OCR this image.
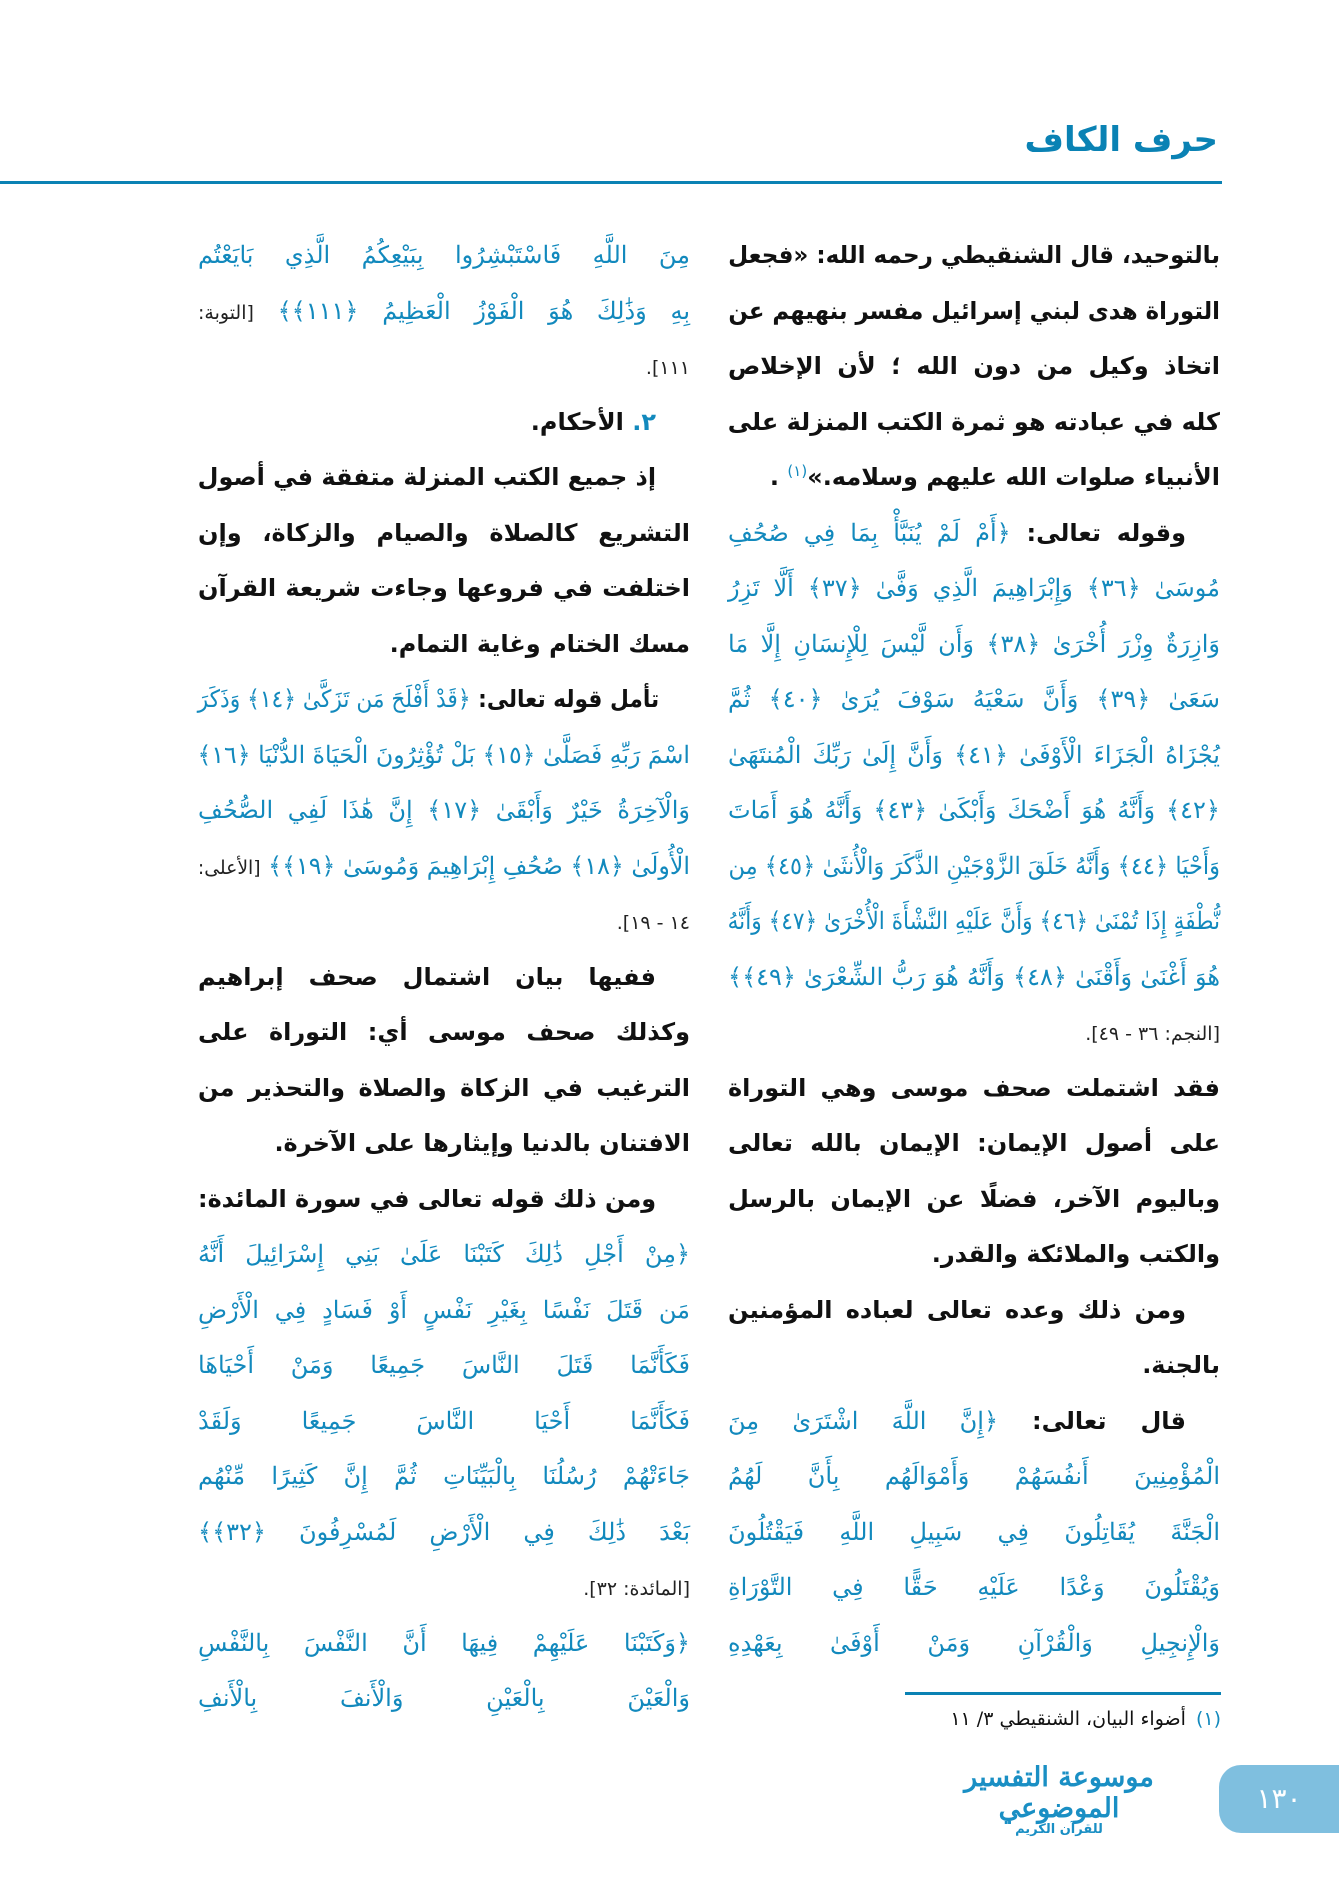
حرف الكاف
بالتوحيد، قال الشنقيطي رحمه الله: «فجعل
التوراة هدى لبني إسرائيل مفسر بنهيهم عن
اتخاذ وكيل من دون الله ؛ لأن الإخلاص
كله في عبادته هو ثمرة الكتب المنزلة على
الأنبياء صلوات الله عليهم وسلامه.»$^{(١)}$ .
وقوله تعالى: ﴿أَمْ لَمْ يُنَبَّأْ بِمَا فِي صُحُفِ
مُوسَىٰ ﴿٣٦﴾ وَإِبْرَاهِيمَ الَّذِي وَفَّىٰ ﴿٣٧﴾ أَلَّا تَزِرُ
وَازِرَةٌ وِزْرَ أُخْرَىٰ ﴿٣٨﴾ وَأَن لَّيْسَ لِلْإِنسَانِ إِلَّا مَا
سَعَىٰ ﴿٣٩﴾ وَأَنَّ سَعْيَهُ سَوْفَ يُرَىٰ ﴿٤٠﴾ ثُمَّ
يُجْزَاهُ الْجَزَاءَ الْأَوْفَىٰ ﴿٤١﴾ وَأَنَّ إِلَىٰ رَبِّكَ الْمُنتَهَىٰ
﴿٤٢﴾ وَأَنَّهُ هُوَ أَضْحَكَ وَأَبْكَىٰ ﴿٤٣﴾ وَأَنَّهُ هُوَ أَمَاتَ
وَأَحْيَا ﴿٤٤﴾ وَأَنَّهُ خَلَقَ الزَّوْجَيْنِ الذَّكَرَ وَالْأُنثَىٰ ﴿٤٥﴾ مِن
نُّطْفَةٍ إِذَا تُمْنَىٰ ﴿٤٦﴾ وَأَنَّ عَلَيْهِ النَّشْأَةَ الْأُخْرَىٰ ﴿٤٧﴾ وَأَنَّهُ
هُوَ أَغْنَىٰ وَأَقْنَىٰ ﴿٤٨﴾ وَأَنَّهُ هُوَ رَبُّ الشِّعْرَىٰ ﴿٤٩﴾﴾
[النجم: ٣٦ - ٤٩].
فقد اشتملت صحف موسى وهي التوراة
على أصول الإيمان: الإيمان بالله تعالى
وباليوم الآخر، فضلًا عن الإيمان بالرسل
والكتب والملائكة والقدر.
ومن ذلك وعده تعالى لعباده المؤمنين
بالجنة.
قال تعالى: ﴿إِنَّ اللَّهَ اشْتَرَىٰ مِنَ
الْمُؤْمِنِينَ أَنفُسَهُمْ وَأَمْوَالَهُم بِأَنَّ لَهُمُ
الْجَنَّةَ يُقَاتِلُونَ فِي سَبِيلِ اللَّهِ فَيَقْتُلُونَ
وَيُقْتَلُونَ وَعْدًا عَلَيْهِ حَقًّا فِي التَّوْرَاةِ
وَالْإِنجِيلِ وَالْقُرْآنِ وَمَنْ أَوْفَىٰ بِعَهْدِهِ
مِنَ اللَّهِ فَاسْتَبْشِرُوا بِبَيْعِكُمُ الَّذِي بَايَعْتُم
بِهِ وَذَٰلِكَ هُوَ الْفَوْزُ الْعَظِيمُ ﴿١١١﴾﴾ [التوبة:
١١١].
٢. الأحكام.
إذ جميع الكتب المنزلة متفقة في أصول
التشريع كالصلاة والصيام والزكاة، وإن
اختلفت في فروعها وجاءت شريعة القرآن
مسك الختام وغاية التمام.
تأمل قوله تعالى: ﴿قَدْ أَفْلَحَ مَن تَزَكَّىٰ ﴿١٤﴾ وَذَكَرَ
اسْمَ رَبِّهِ فَصَلَّىٰ ﴿١٥﴾ بَلْ تُؤْثِرُونَ الْحَيَاةَ الدُّنْيَا ﴿١٦﴾
وَالْآخِرَةُ خَيْرٌ وَأَبْقَىٰ ﴿١٧﴾ إِنَّ هَٰذَا لَفِي الصُّحُفِ
الْأُولَىٰ ﴿١٨﴾ صُحُفِ إِبْرَاهِيمَ وَمُوسَىٰ ﴿١٩﴾﴾ [الأعلى:
١٤ - ١٩].
ففيها بيان اشتمال صحف إبراهيم
وكذلك صحف موسى أي: التوراة على
الترغيب في الزكاة والصلاة والتحذير من
الافتنان بالدنيا وإيثارها على الآخرة.
ومن ذلك قوله تعالى في سورة المائدة:
﴿مِنْ أَجْلِ ذَٰلِكَ كَتَبْنَا عَلَىٰ بَنِي إِسْرَائِيلَ أَنَّهُ
مَن قَتَلَ نَفْسًا بِغَيْرِ نَفْسٍ أَوْ فَسَادٍ فِي الْأَرْضِ
فَكَأَنَّمَا قَتَلَ النَّاسَ جَمِيعًا وَمَنْ أَحْيَاهَا
فَكَأَنَّمَا أَحْيَا النَّاسَ جَمِيعًا وَلَقَدْ
جَاءَتْهُمْ رُسُلُنَا بِالْبَيِّنَاتِ ثُمَّ إِنَّ كَثِيرًا مِّنْهُم
بَعْدَ ذَٰلِكَ فِي الْأَرْضِ لَمُسْرِفُونَ ﴿٣٢﴾﴾
[المائدة: ٣٢].
﴿وَكَتَبْنَا عَلَيْهِمْ فِيهَا أَنَّ النَّفْسَ بِالنَّفْسِ
وَالْعَيْنَ بِالْعَيْنِ وَالْأَنفَ بِالْأَنفِ
(١)أضواء البيان، الشنقيطي ٣/ ١١
موسوعة التفسير الموضوعي
للقرآن الكريم
١٣٠
